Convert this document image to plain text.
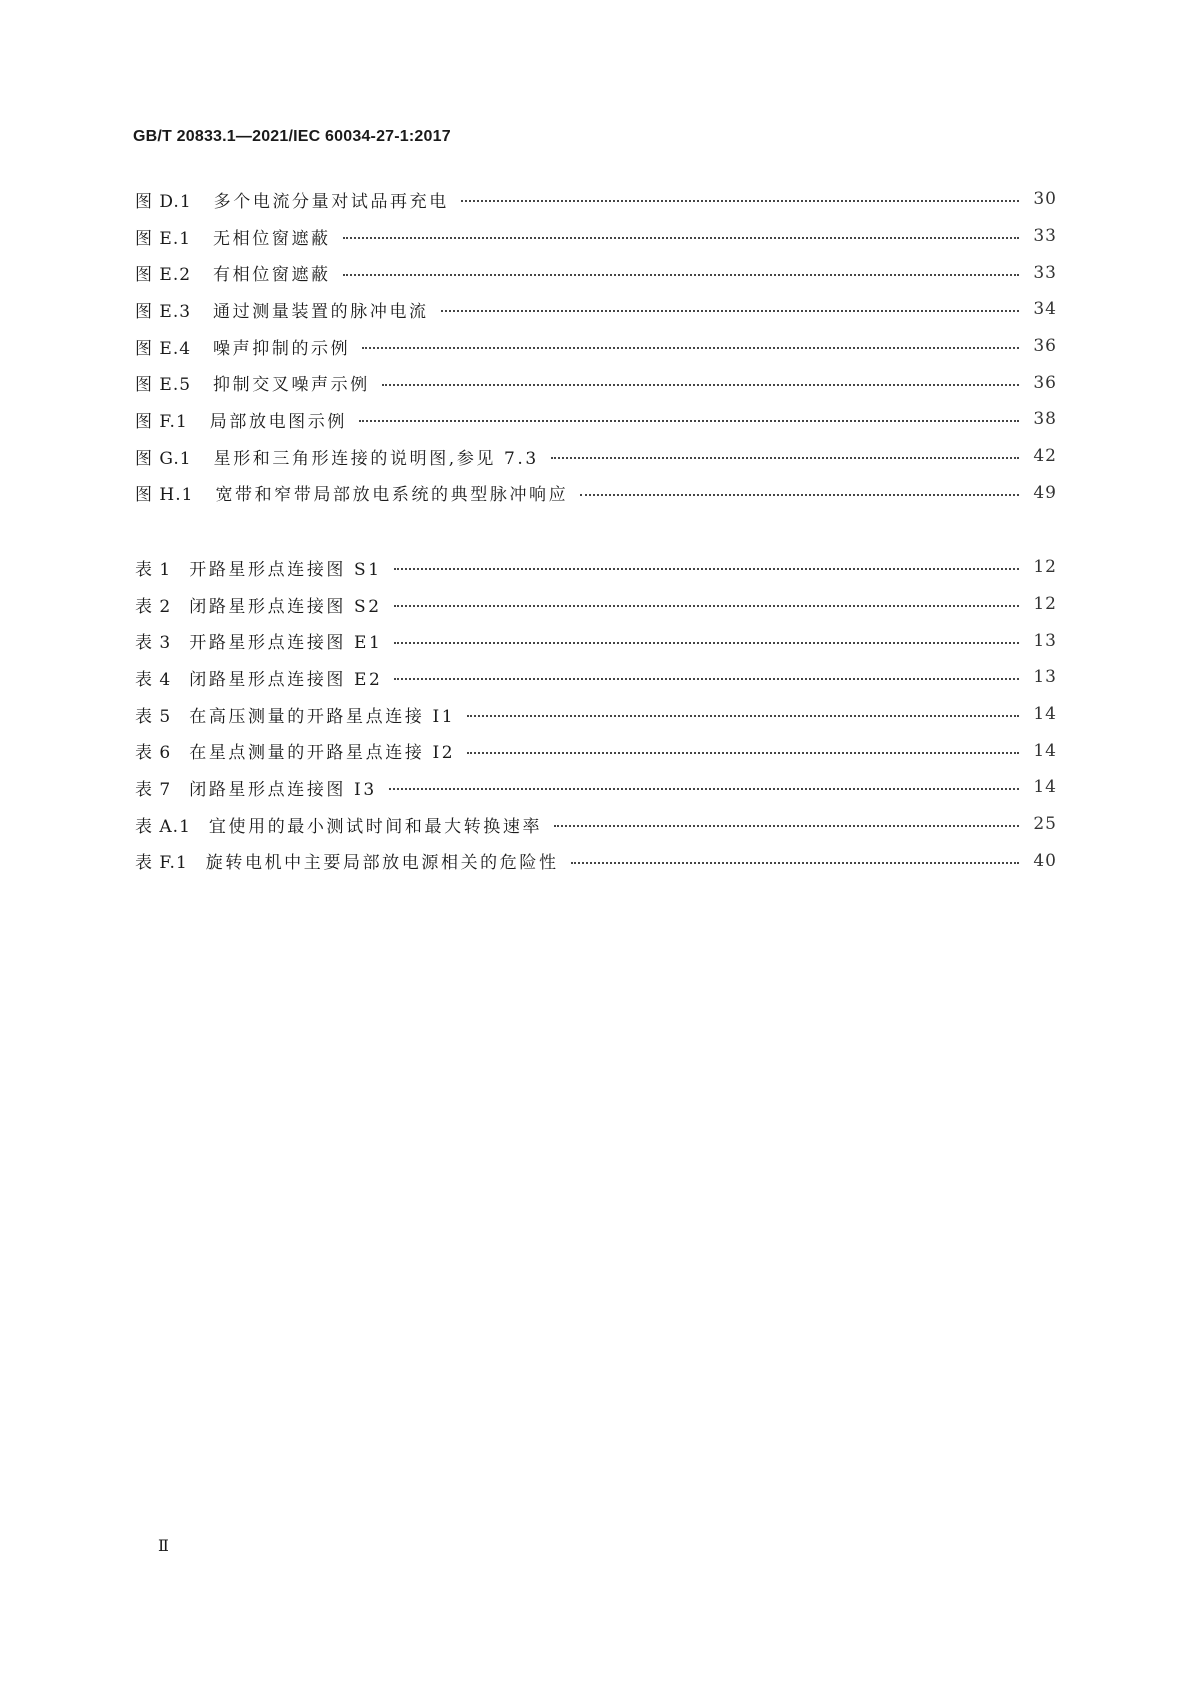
GB/T 20833.1—2021/IEC 60034-27-1:2017
图 D.1 多个电流分量对试品再充电	30
图 E.1 无相位窗遮蔽	33
图 E.2 有相位窗遮蔽	33
图 E.3 通过测量装置的脉冲电流	34
图 E.4 噪声抑制的示例	36
图 E.5 抑制交叉噪声示例	36
图 F.1 局部放电图示例	38
图 G.1 星形和三角形连接的说明图,参见 7.3	42
图 H.1 宽带和窄带局部放电系统的典型脉冲响应	49
表 1 开路星形点连接图 S1	12
表 2 闭路星形点连接图 S2	12
表 3 开路星形点连接图 E1	13
表 4 闭路星形点连接图 E2	13
表 5 在高压测量的开路星点连接 I1	14
表 6 在星点测量的开路星点连接 I2	14
表 7 闭路星形点连接图 I3	14
表 A.1 宜使用的最小测试时间和最大转换速率	25
表 F.1 旋转电机中主要局部放电源相关的危险性	40
Ⅱ
